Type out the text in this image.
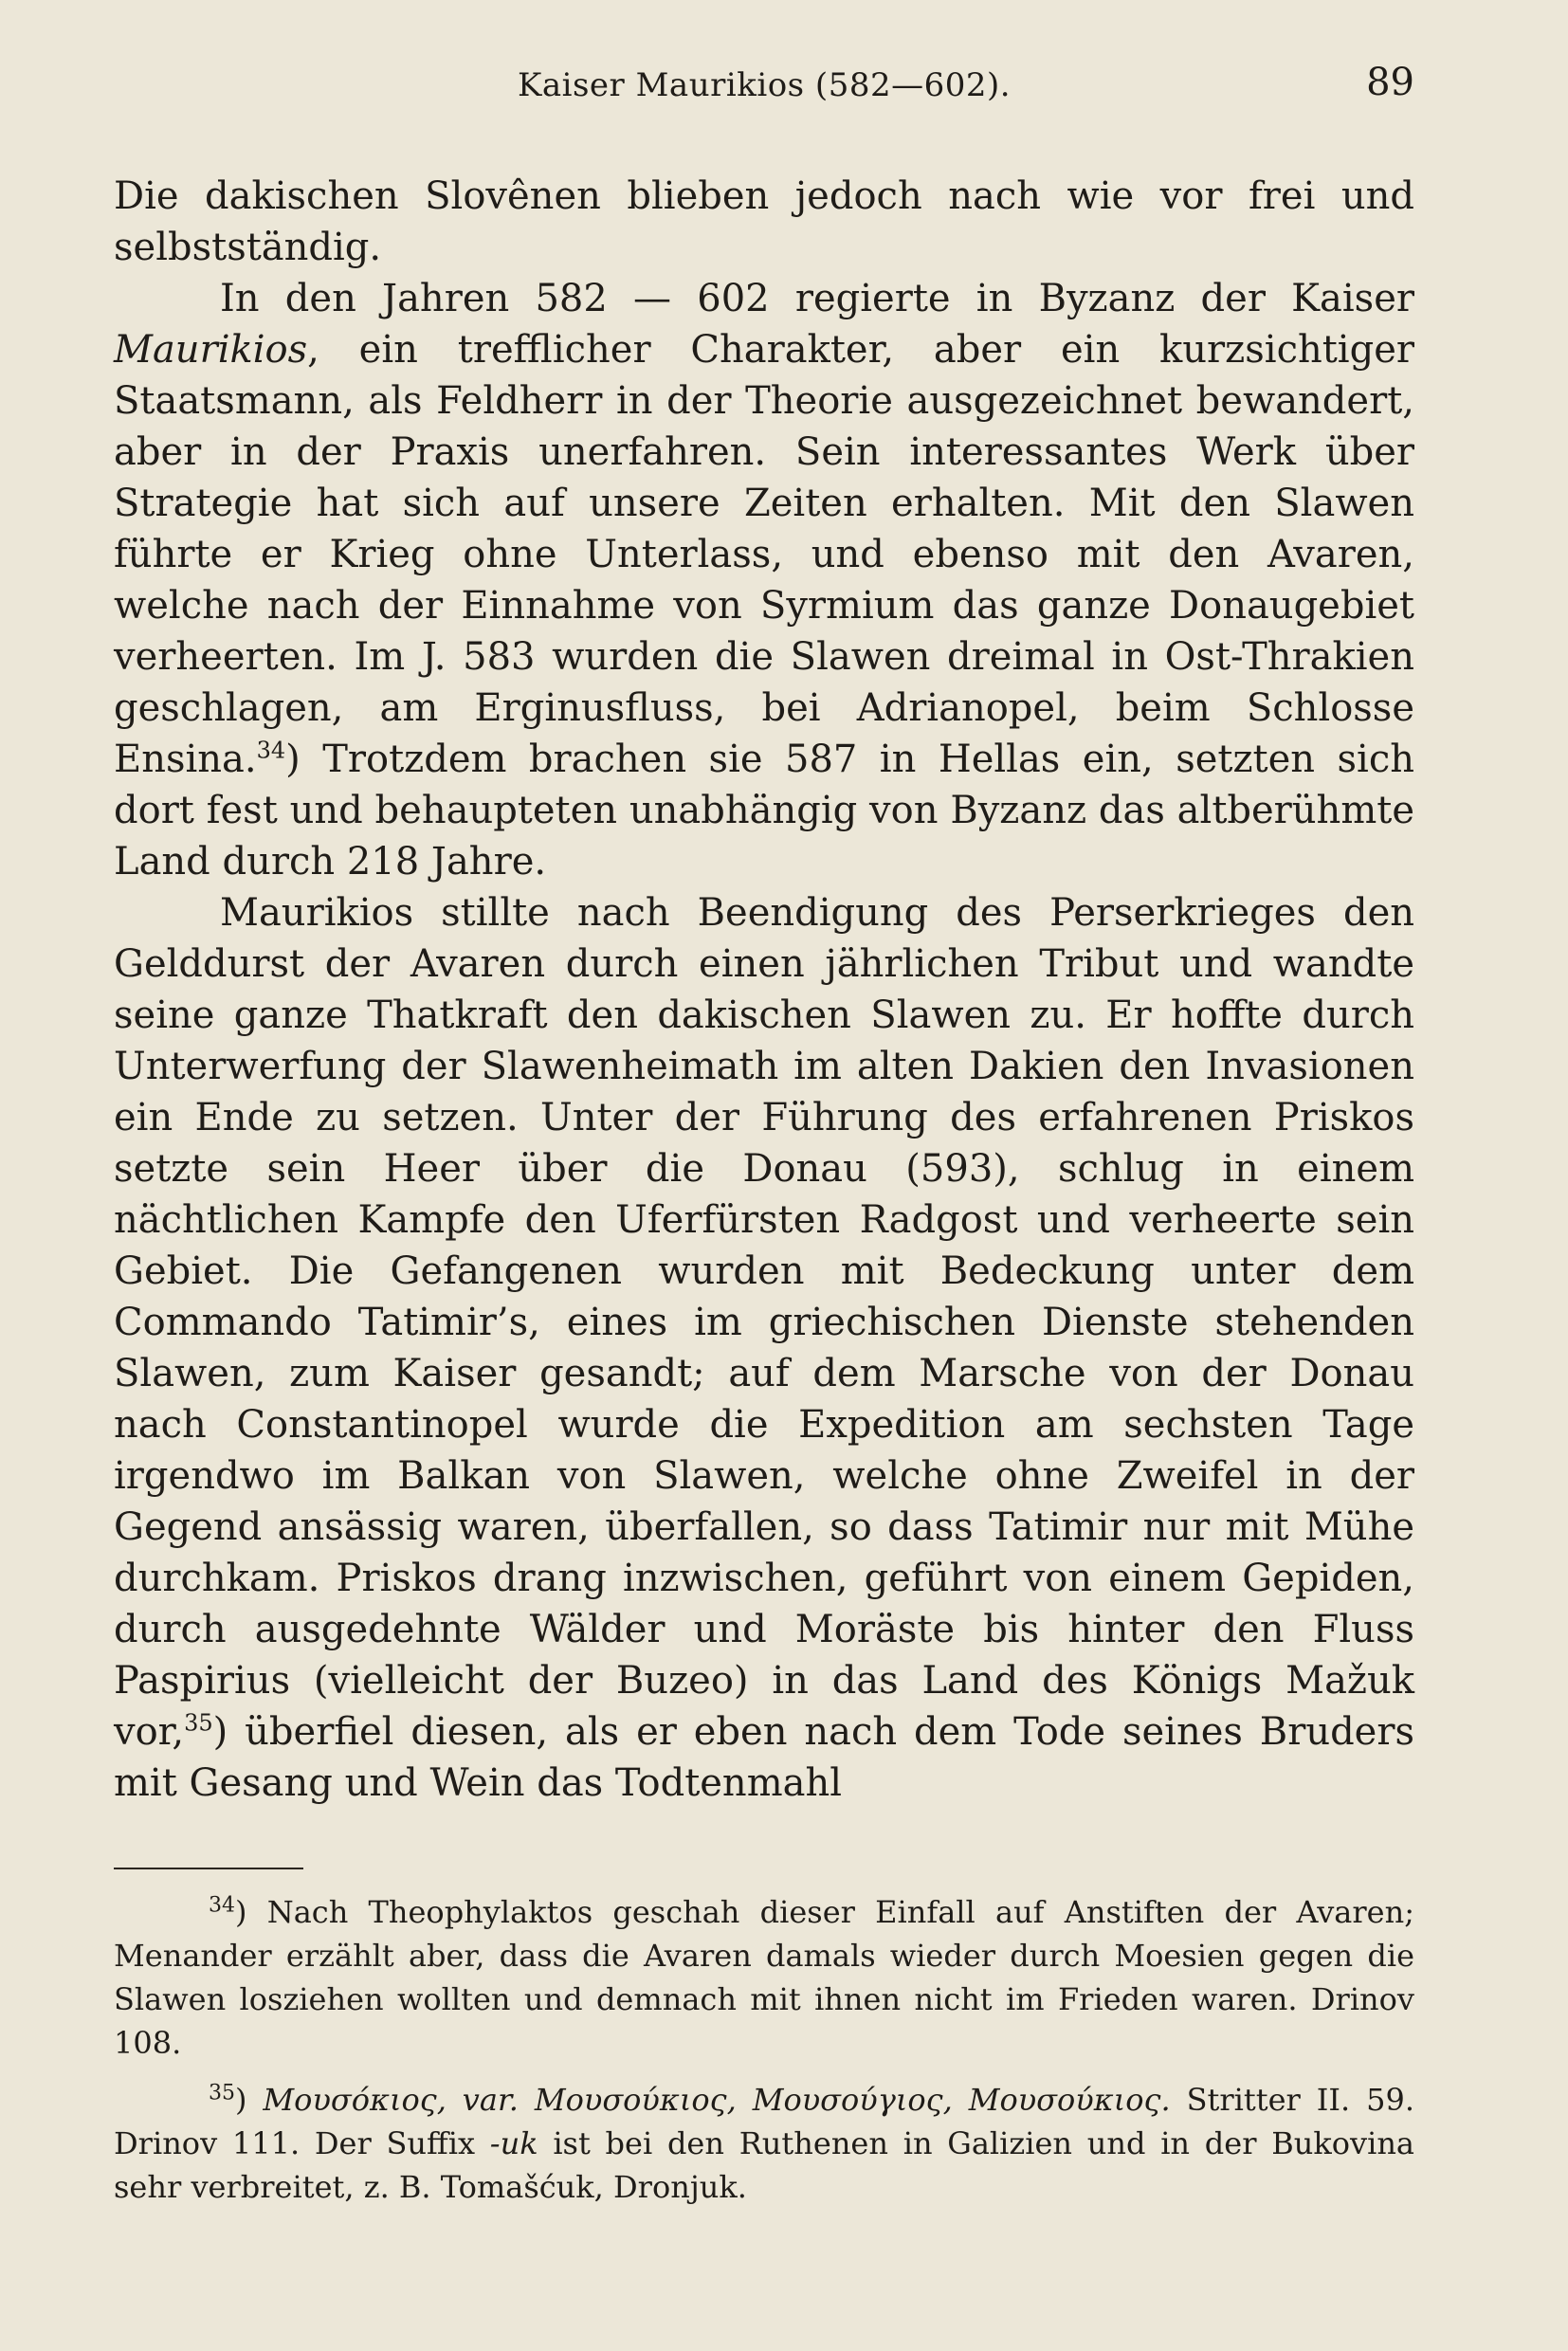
Kaiser Maurikios (582—602).	89

Die dakischen Slovênen blieben jedoch nach wie vor frei und selbstständig.

In den Jahren 582 — 602 regierte in Byzanz der Kaiser Maurikios, ein trefflicher Charakter, aber ein kurzsichtiger Staatsmann, als Feldherr in der Theorie ausgezeichnet bewandert, aber in der Praxis unerfahren. Sein interessantes Werk über Strategie hat sich auf unsere Zeiten erhalten. Mit den Slawen führte er Krieg ohne Unterlass, und ebenso mit den Avaren, welche nach der Einnahme von Syrmium das ganze Donaugebiet verheerten. Im J. 583 wurden die Slawen dreimal in Ost-Thrakien geschlagen, am Erginusfluss, bei Adrianopel, beim Schlosse Ensina.$^{34}$) Trotzdem brachen sie 587 in Hellas ein, setzten sich dort fest und behaupteten unabhängig von Byzanz das altberühmte Land durch 218 Jahre.

Maurikios stillte nach Beendigung des Perserkrieges den Gelddurst der Avaren durch einen jährlichen Tribut und wandte seine ganze Thatkraft den dakischen Slawen zu. Er hoffte durch Unterwerfung der Slawenheimath im alten Dakien den Invasionen ein Ende zu setzen. Unter der Führung des erfahrenen Priskos setzte sein Heer über die Donau (593), schlug in einem nächtlichen Kampfe den Uferfürsten Radgost und verheerte sein Gebiet. Die Gefangenen wurden mit Bedeckung unter dem Commando Tatimir’s, eines im griechischen Dienste stehenden Slawen, zum Kaiser gesandt; auf dem Marsche von der Donau nach Constantinopel wurde die Expedition am sechsten Tage irgendwo im Balkan von Slawen, welche ohne Zweifel in der Gegend ansässig waren, überfallen, so dass Tatimir nur mit Mühe durchkam. Priskos drang inzwischen, geführt von einem Gepiden, durch ausgedehnte Wälder und Moräste bis hinter den Fluss Paspirius (vielleicht der Buzeo) in das Land des Königs Mažuk vor,$^{35}$) überfiel diesen, als er eben nach dem Tode seines Bruders mit Gesang und Wein das Todtenmahl

$^{34}$) Nach Theophylaktos geschah dieser Einfall auf Anstiften der Avaren; Menander erzählt aber, dass die Avaren damals wieder durch Moesien gegen die Slawen losziehen wollten und demnach mit ihnen nicht im Frieden waren. Drinov 108.

$^{35}$) Μουσόκιος, var. Μουσούκιος, Μουσούγιος, Μουσούκιος. Stritter II. 59. Drinov 111. Der Suffix -uk ist bei den Ruthenen in Galizien und in der Bukovina sehr verbreitet, z. B. Tomašćuk, Dronjuk.
